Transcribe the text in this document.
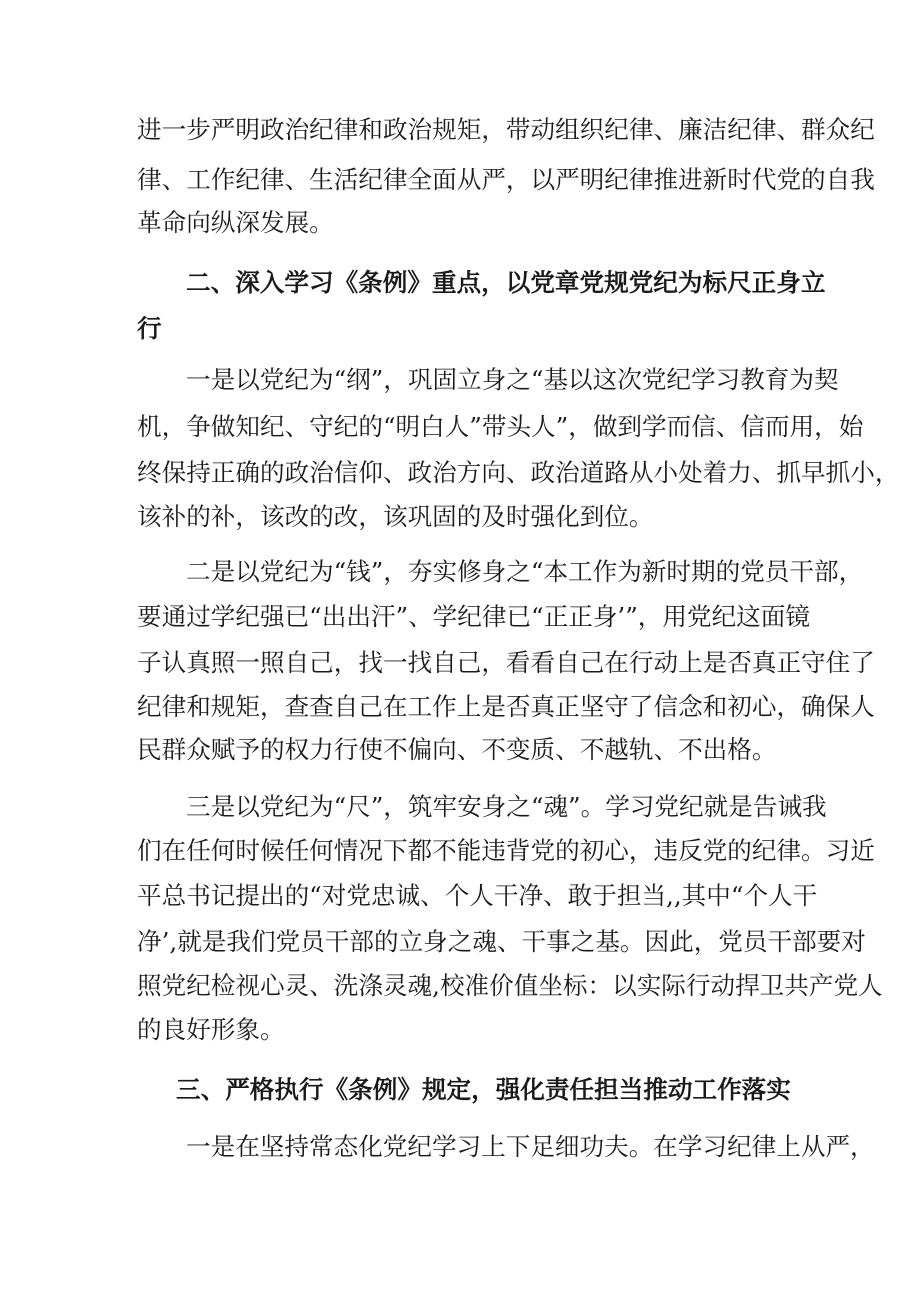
进一步严明政治纪律和政治规矩，带动组织纪律、廉洁纪律、群众纪
律、工作纪律、生活纪律全面从严，以严明纪律推进新时代党的自我
革命向纵深发展。
二、深入学习《条例》重点，以党章党规党纪为标尺正身立
行
一是以党纪为“纲”，巩固立身之“基以这次党纪学习教育为契
机，争做知纪、守纪的“明白人”带头人”，做到学而信、信而用，始
终保持正确的政治信仰、政治方向、政治道路从小处着力、抓早抓小，
该补的补，该改的改，该巩固的及时强化到位。
二是以党纪为“钱”，夯实修身之“本工作为新时期的党员干部，
要通过学纪强已“出出汗”、学纪律已“正正身’”，用党纪这面镜
子认真照一照自己，找一找自己，看看自己在行动上是否真正守住了
纪律和规矩，查查自己在工作上是否真正坚守了信念和初心，确保人
民群众赋予的权力行使不偏向、不变质、不越轨、不出格。
三是以党纪为“尺”，筑牢安身之“魂”。学习党纪就是告诫我
们在任何时候任何情况下都不能违背党的初心，违反党的纪律。习近
平总书记提出的“对党忠诚、个人干净、敢于担当,,其中“个人干
净’,就是我们党员干部的立身之魂、干事之基。因此，党员干部要对
照党纪检视心灵、洗涤灵魂,校准价值坐标：以实际行动捍卫共产党人
的良好形象。
三、严格执行《条例》规定，强化责任担当推动工作落实
一是在坚持常态化党纪学习上下足细功夫。在学习纪律上从严，
